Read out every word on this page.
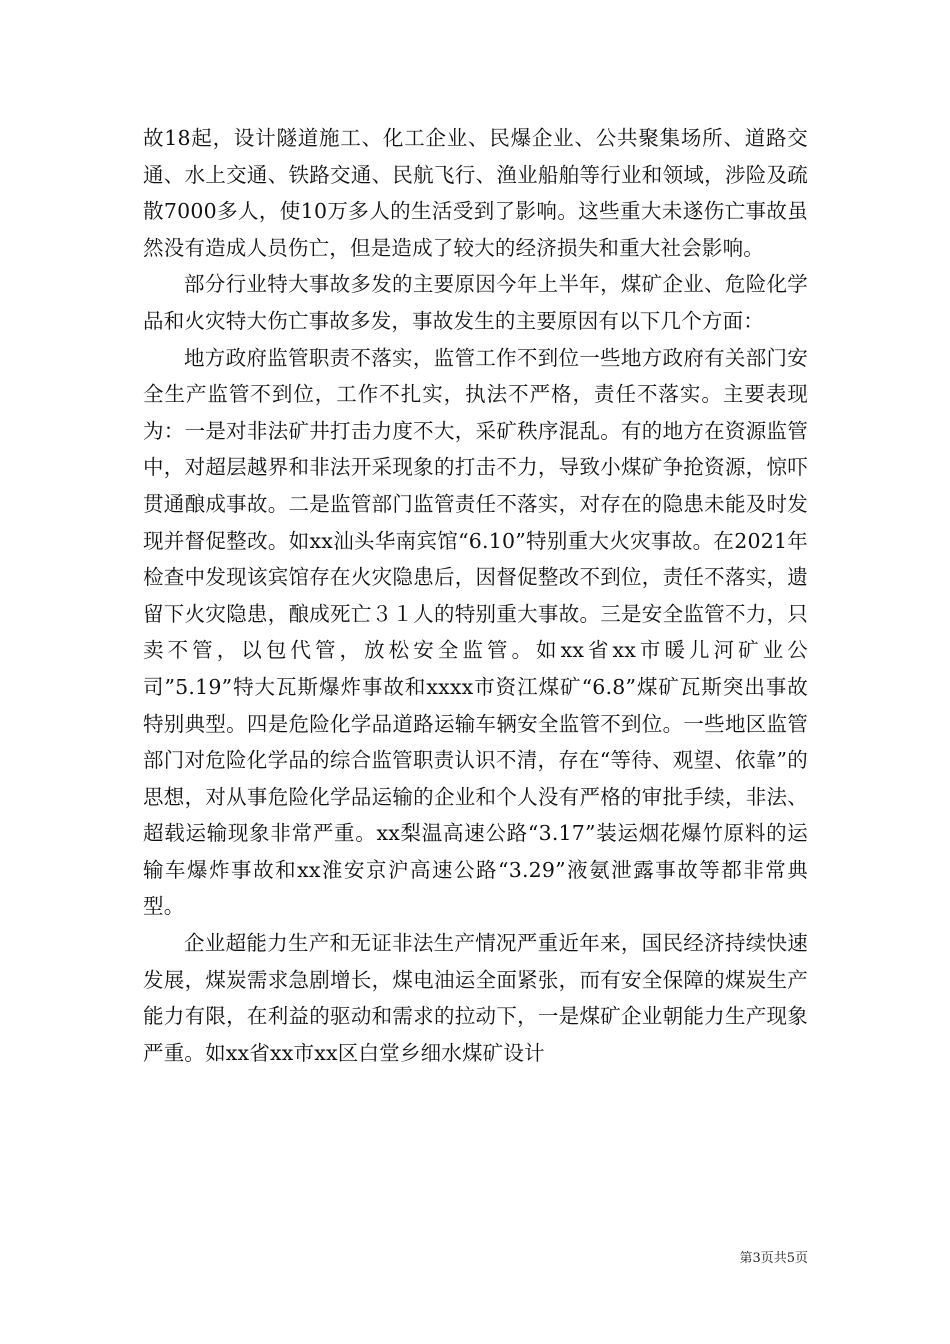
故18起，设计隧道施工、化工企业、民爆企业、公共聚集场所、道路交通、水上交通、铁路交通、民航飞行、渔业船舶等行业和领域，涉险及疏散7000多人，使10万多人的生活受到了影响。这些重大未遂伤亡事故虽然没有造成人员伤亡，但是造成了较大的经济损失和重大社会影响。

部分行业特大事故多发的主要原因今年上半年，煤矿企业、危险化学品和火灾特大伤亡事故多发，事故发生的主要原因有以下几个方面：

地方政府监管职责不落实，监管工作不到位一些地方政府有关部门安全生产监管不到位，工作不扎实，执法不严格，责任不落实。主要表现为：一是对非法矿井打击力度不大，采矿秩序混乱。有的地方在资源监管中，对超层越界和非法开采现象的打击不力，导致小煤矿争抢资源，惊吓贯通酿成事故。二是监管部门监管责任不落实，对存在的隐患未能及时发现并督促整改。如xx汕头华南宾馆“6.10”特别重大火灾事故。在2021年检查中发现该宾馆存在火灾隐患后，因督促整改不到位，责任不落实，遗留下火灾隐患，酿成死亡３１人的特别重大事故。三是安全监管不力，只卖不管，以包代管，放松安全监管。如xx省xx市暖儿河矿业公司”5.19”特大瓦斯爆炸事故和xxxx市资江煤矿“6.8”煤矿瓦斯突出事故特别典型。四是危险化学品道路运输车辆安全监管不到位。一些地区监管部门对危险化学品的综合监管职责认识不清，存在“等待、观望、依靠”的思想，对从事危险化学品运输的企业和个人没有严格的审批手续，非法、超载运输现象非常严重。xx梨温高速公路“3.17”装运烟花爆竹原料的运输车爆炸事故和xx淮安京沪高速公路“3.29”液氨泄露事故等都非常典型。

企业超能力生产和无证非法生产情况严重近年来，国民经济持续快速发展，煤炭需求急剧增长，煤电油运全面紧张，而有安全保障的煤炭生产能力有限，在利益的驱动和需求的拉动下，一是煤矿企业朝能力生产现象严重。如xx省xx市xx区白堂乡细水煤矿设计

第3页共5页
